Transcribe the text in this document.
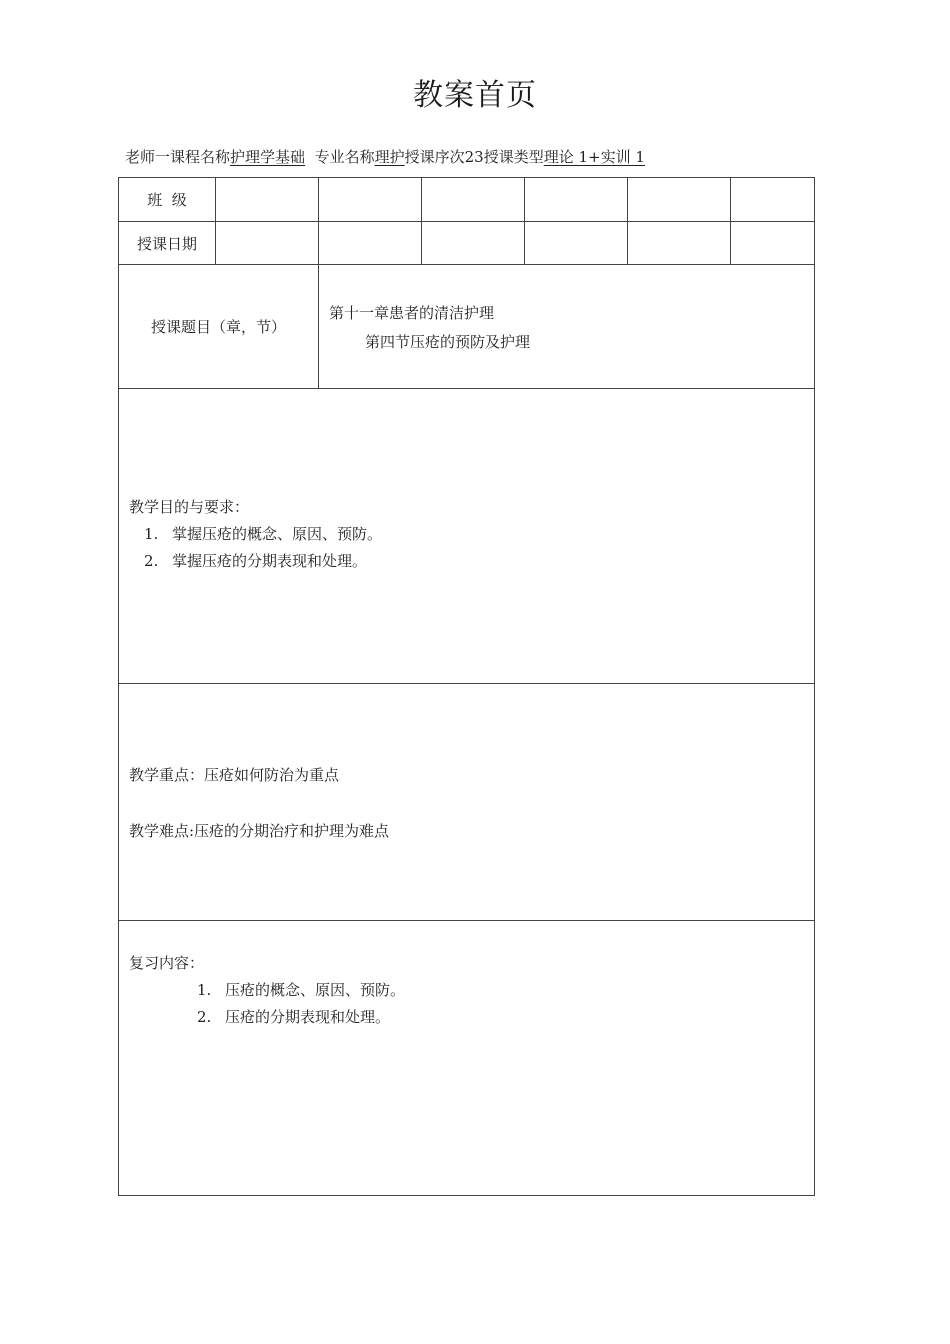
教案首页
老师一课程名称护理学基础 专业名称理护授课序次23授课类型理论 1+实训 1
班  级						
授课日期						
授课题目（章，节）		第十一章患者的清洁护理
第四节压疮的预防及护理				

教学目的与要求：
1. 掌握压疮的概念、原因、预防。
2. 掌握压疮的分期表现和处理。						

教学重点：压疮如何防治为重点
教学难点:压疮的分期治疗和护理为难点						

复习内容：
1. 压疮的概念、原因、预防。
2. 压疮的分期表现和处理。						
